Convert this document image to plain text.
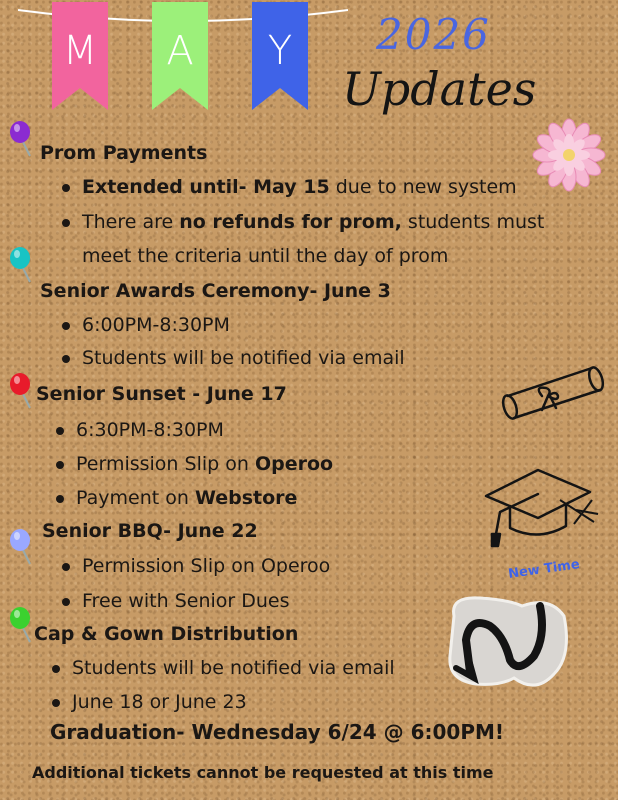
M	A	Y	2026
Updates
Prom Payments
Extended until- May 15 due to new system
There are no refunds for prom, students must
meet the criteria until the day of prom
Senior Awards Ceremony- June 3
6:00PM-8:30PM
Students will be notified via email
Senior Sunset - June 17
6:30PM-8:30PM
Permission Slip on Operoo
Payment on Webstore
Senior BBQ- June 22
Permission Slip on Operoo
Free with Senior Dues
Cap & Gown Distribution
Students will be notified via email
June 18 or June 23
New Time
Graduation- Wednesday 6/24 @ 6:00PM!
Additional tickets cannot be requested at this time
